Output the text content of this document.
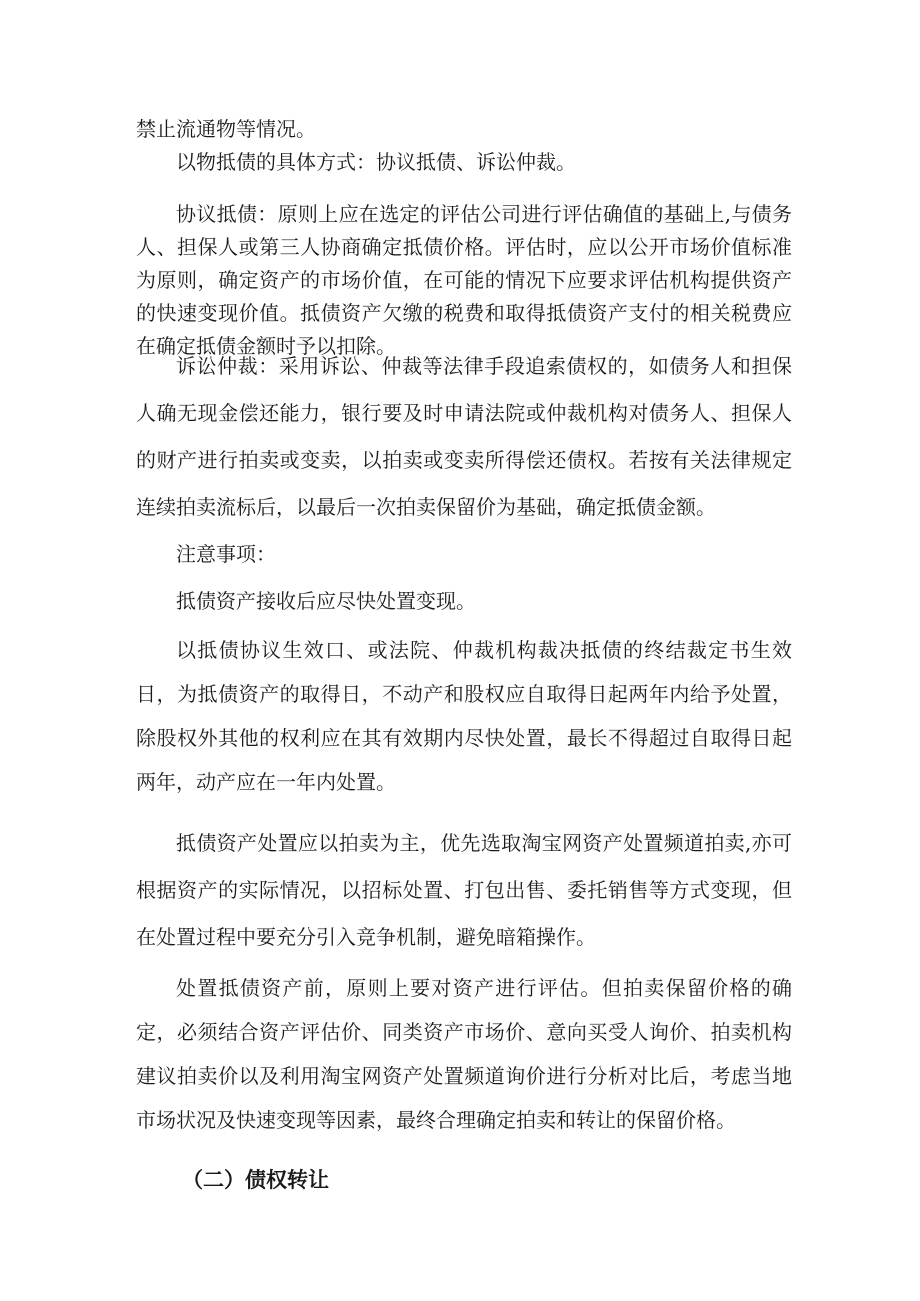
禁止流通物等情况。

以物抵债的具体方式：协议抵债、诉讼仲裁。

协议抵债：原则上应在选定的评估公司进行评估确值的基础上,与债务人、担保人或第三人协商确定抵债价格。评估时，应以公开市场价值标准为原则，确定资产的市场价值，在可能的情况下应要求评估机构提供资产的快速变现价值。抵债资产欠缴的税费和取得抵债资产支付的相关税费应在确定抵债金额时予以扣除。

诉讼仲裁：采用诉讼、仲裁等法律手段追索债权的，如债务人和担保人确无现金偿还能力，银行要及时申请法院或仲裁机构对债务人、担保人的财产进行拍卖或变卖，以拍卖或变卖所得偿还债权。若按有关法律规定连续拍卖流标后，以最后一次拍卖保留价为基础，确定抵债金额。

注意事项：

抵债资产接收后应尽快处置变现。

以抵债协议生效口、或法院、仲裁机构裁决抵债的终结裁定书生效日，为抵债资产的取得日，不动产和股权应自取得日起两年内给予处置，除股权外其他的权利应在其有效期内尽快处置，最长不得超过自取得日起两年，动产应在一年内处置。

抵债资产处置应以拍卖为主，优先选取淘宝网资产处置频道拍卖,亦可根据资产的实际情况，以招标处置、打包出售、委托销售等方式变现，但在处置过程中要充分引入竞争机制，避免暗箱操作。

处置抵债资产前，原则上要对资产进行评估。但拍卖保留价格的确定，必须结合资产评估价、同类资产市场价、意向买受人询价、拍卖机构建议拍卖价以及利用淘宝网资产处置频道询价进行分析对比后，考虑当地市场状况及快速变现等因素，最终合理确定拍卖和转让的保留价格。

（二）债权转让
